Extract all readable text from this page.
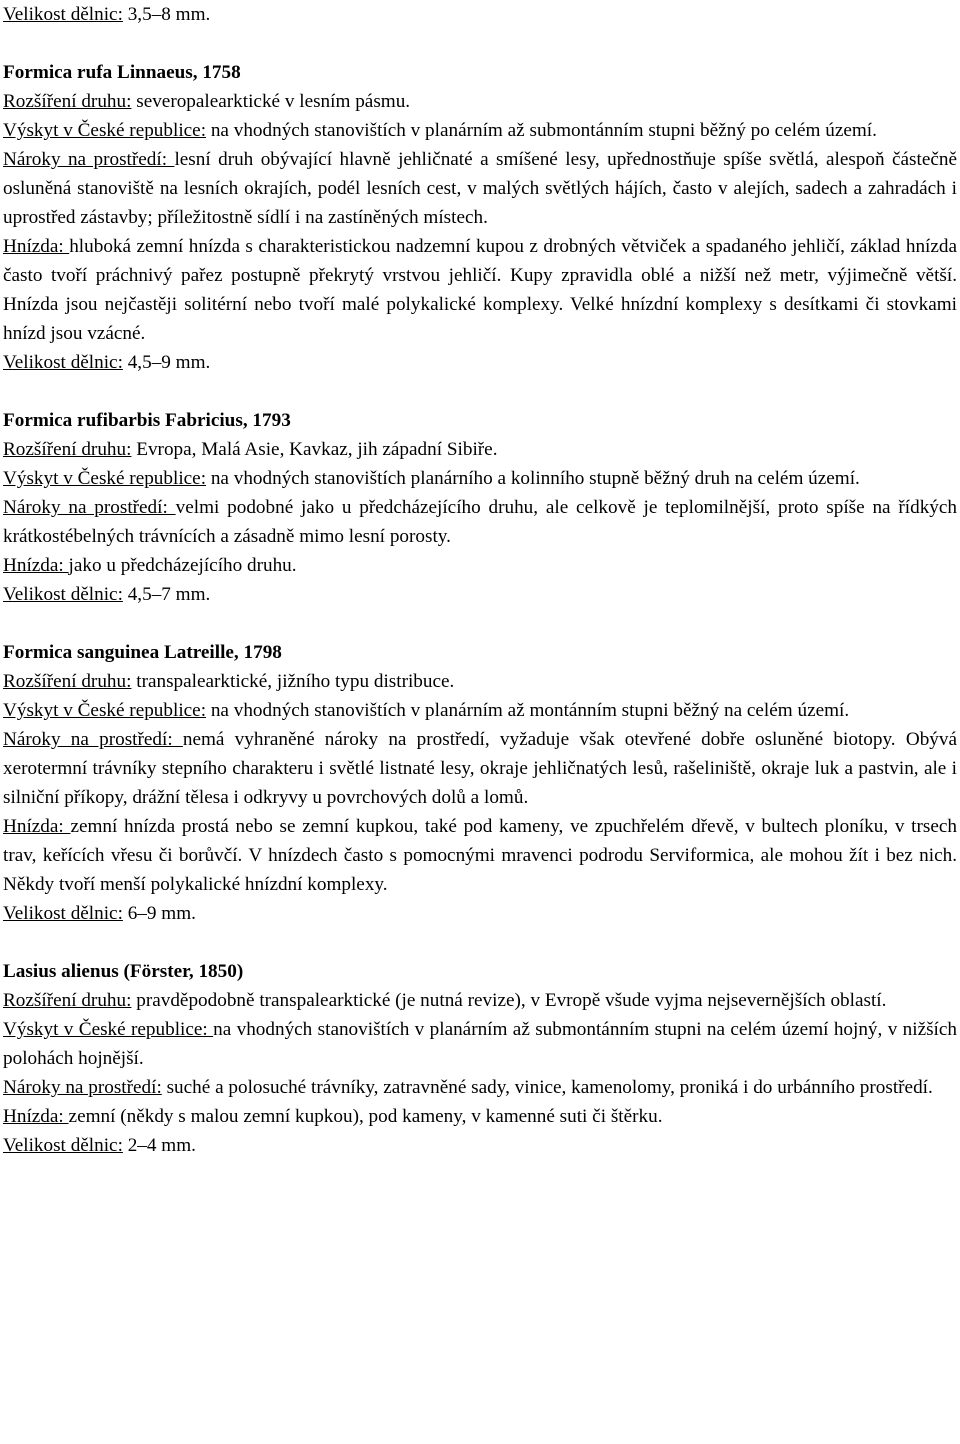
Velikost dělnic: 3,5–8 mm.

Formica rufa Linnaeus, 1758

Rozšíření druhu: severopalearktické v lesním pásmu.

Výskyt v České republice: na vhodných stanovištích v planárním až submontánním stupni běžný po celém území.

Nároky na prostředí: lesní druh obývající hlavně jehličnaté a smíšené lesy, upřednostňuje spíše světlá, alespoň částečně osluněná stanoviště na lesních okrajích, podél lesních cest, v malých světlých hájích, často v alejích, sadech a zahradách i uprostřed zástavby; příležitostně sídlí i na zastíněných místech.

Hnízda: hluboká zemní hnízda s charakteristickou nadzemní kupou z drobných větviček a spadaného jehličí, základ hnízda často tvoří práchnivý pařez postupně překrytý vrstvou jehličí. Kupy zpravidla oblé a nižší než metr, výjimečně větší. Hnízda jsou nejčastěji solitérní nebo tvoří malé polykalické komplexy. Velké hnízdní komplexy s desítkami či stovkami hnízd jsou vzácné.

Velikost dělnic: 4,5–9 mm.

Formica rufibarbis Fabricius, 1793

Rozšíření druhu: Evropa, Malá Asie, Kavkaz, jih západní Sibiře.

Výskyt v České republice: na vhodných stanovištích planárního a kolinního stupně běžný druh na celém území.

Nároky na prostředí: velmi podobné jako u předcházejícího druhu, ale celkově je teplomilnější, proto spíše na řídkých krátkostébelných trávnících a zásadně mimo lesní porosty.

Hnízda: jako u předcházejícího druhu.

Velikost dělnic: 4,5–7 mm.

Formica sanguinea Latreille, 1798

Rozšíření druhu: transpalearktické, jižního typu distribuce.

Výskyt v České republice: na vhodných stanovištích v planárním až montánním stupni běžný na celém území.

Nároky na prostředí: nemá vyhraněné nároky na prostředí, vyžaduje však otevřené dobře osluněné biotopy. Obývá xerotermní trávníky stepního charakteru i světlé listnaté lesy, okraje jehličnatých lesů, rašeliniště, okraje luk a pastvin, ale i silniční příkopy, drážní tělesa i odkryvy u povrchových dolů a lomů.

Hnízda: zemní hnízda prostá nebo se zemní kupkou, také pod kameny, ve zpuchřelém dřevě, v bultech ploníku, v trsech trav, keřících vřesu či borůvčí. V hnízdech často s pomocnými mravenci podrodu Serviformica, ale mohou žít i bez nich. Někdy tvoří menší polykalické hnízdní komplexy.

Velikost dělnic: 6–9 mm.

Lasius alienus (Förster, 1850)

Rozšíření druhu: pravděpodobně transpalearktické (je nutná revize), v Evropě všude vyjma nejsevernějších oblastí.

Výskyt v České republice: na vhodných stanovištích v planárním až submontánním stupni na celém území hojný, v nižších polohách hojnější.

Nároky na prostředí: suché a polosuché trávníky, zatravněné sady, vinice, kamenolomy, proniká i do urbánního prostředí.

Hnízda: zemní (někdy s malou zemní kupkou), pod kameny, v kamenné suti či štěrku.

Velikost dělnic: 2–4 mm.
